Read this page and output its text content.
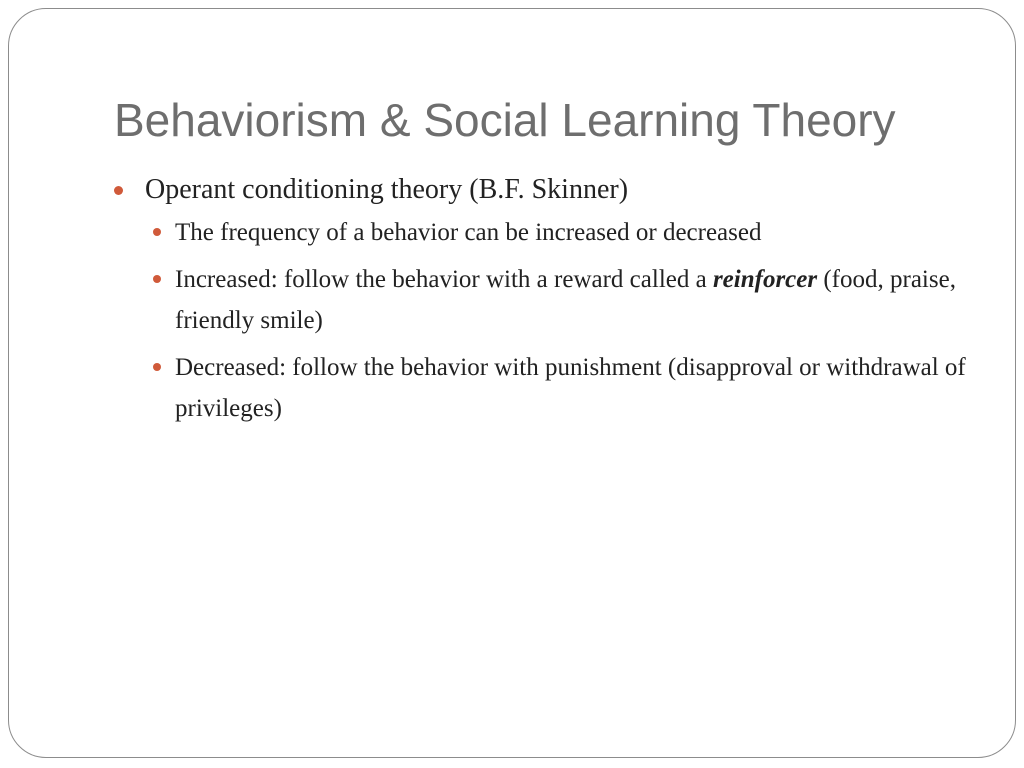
Behaviorism & Social Learning Theory

Operant conditioning theory (B.F. Skinner)

The frequency of a behavior can be increased or decreased

Increased: follow the behavior with a reward called a reinforcer (food, praise, friendly smile)

Decreased: follow the behavior with punishment (disapproval or withdrawal of privileges)
